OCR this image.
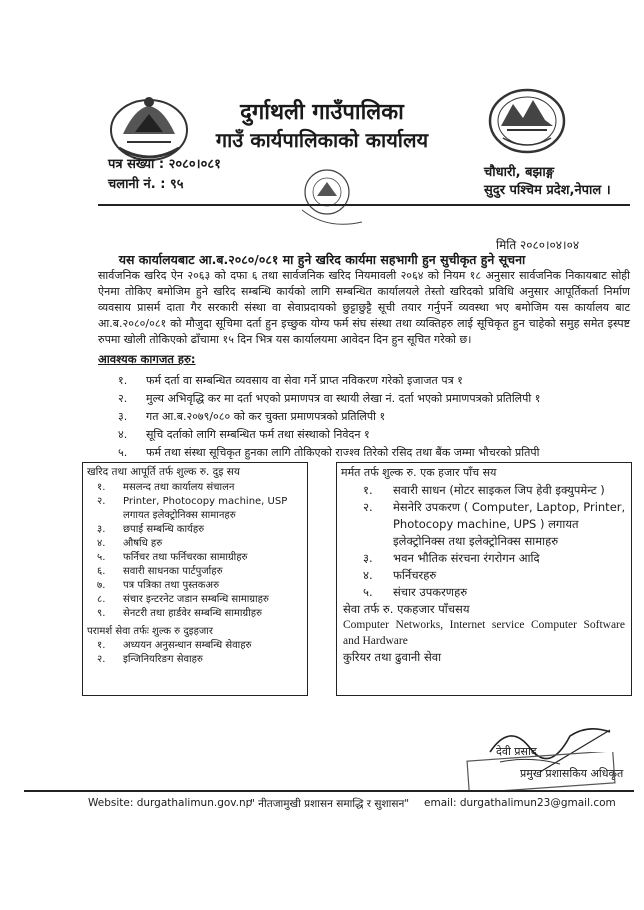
दुर्गाथली गाउँपालिका
गाउँ कार्यपालिकाको कार्यालय
पत्र संख्या : २०८०।०८१
चलानी नं. : ९५
चौधारी, बझाङ्ग
सुदुर पश्चिम प्रदेश,नेपाल ।
मिति २०८०।०४।०४
यस कार्यालयबाट आ.ब.२०८०/०८१ मा हुने खरिद कार्यमा सहभागी हुन सुचीकृत हुने सूचना
सार्वजनिक खरिद ऐन २०६३ को दफा ६ तथा सार्वजनिक खरिद नियमावली २०६४ को नियम १८ अनुसार सार्वजनिक निकायबाट सोही ऐनमा तोकिए बमोजिम हुने खरिद सम्बन्धि कार्यको लागि सम्बन्धित कार्यालयले तेस्तो खरिदको प्रविधि अनुसार आपूर्तिकर्ता निर्माण व्यवसाय प्रासर्म दाता गैर सरकारी संस्था वा सेवाप्रदायको छुट्टाछुट्टै सूची तयार गर्नुपर्ने व्यवस्था भए बमोजिम यस कार्यालय बाट आ.ब.२०८०/०८१ को मौजुदा सूचिमा दर्ता हुन इच्छुक योग्य फर्म संघ संस्था तथा व्यक्तिहरु लाई सूचिकृत हुन चाहेको समुह समेत इस्पष्ट रुपमा खोली तोकिएको ढाँचामा १५ दिन भित्र यस कार्यालयमा आवेदन दिन हुन सूचित गरेको छ।
आवश्यक कागजत हरु:
१.	फर्म दर्ता वा सम्बन्धित व्यवसाय वा सेवा गर्ने प्राप्त नविकरण गरेको इजाजत पत्र १
२.	मुल्य अभिवृद्धि कर मा दर्ता भएको प्रमाणपत्र वा स्थायी लेखा नं. दर्ता भएको प्रमाणपत्रको प्रतिलिपी १
३.	गत आ.ब.२०७९/०८० को कर चुक्ता प्रमाणपत्रको प्रतिलिपी १
४.	सूचि दर्ताको लागि सम्बन्धित फर्म तथा संस्थाको निवेदन १
५.	फर्म तथा संस्था सूचिकृत हुनका लागि तोकिएको राज्श्व तिरेको रसिद तथा बैंक जम्मा भौचरको प्रतिपी
खरिद तथा आपूर्ति तर्फ शुल्क रु. दुइ सय
१.	मसलन्द तथा कार्यालय संचालन
२.	Printer, Photocopy machine, USP लगायत इलेक्ट्रोनिक्स सामानहरु
३.	छपाई सम्बन्धि कार्यहरु
४.	औषधि हरु
५.	फर्निचर तथा फर्निचरका सामाग्रीहरु
६.	सवारी साधनका पार्टपुर्जाहरु
७.	पत्र पत्रिका तथा पुस्तकअरु
८.	संचार इन्टरनेट जडान सम्बन्धि सामाग्राहरु
९.	सेनटरी तथा हार्डवेर सम्बन्धि सामाग्रीहरु
परामर्श सेवा तर्फः शुल्क रु दुइहजार
१.	अध्ययन अनुसन्धान सम्बन्धि सेवाहरु
२.	इन्जिनियरिङग सेवाहरु
मर्मत तर्फ शुल्क रु. एक हजार पाँच सय
१.	सवारी साधन (मोटर साइकल जिप हेवी इक्युपमेन्ट )
२.	मेसनेरि उपकरण ( Computer, Laptop, Printer, Photocopy machine, UPS ) लगायत इलेक्ट्रोनिक्स तथा इलेक्ट्रोनिक्स सामाहरु
३.	भवन भौतिक संरचना रंगरोगन आदि
४.	फर्निचरहरु
५.	संचार उपकरणहरु
सेवा तर्फ रु. एकहजार पाँचसय
Computer Networks, Internet service Computer Software and Hardware
कुरियर तथा ढुवानी सेवा
देवी प्रसाद
प्रमुख प्रशासकिय अधिकृत
Website: durgathalimun.gov.np
" नीतजामुखी प्रशासन समाद्धि र सुशासन" email: durgathalimun23@gmail.com
